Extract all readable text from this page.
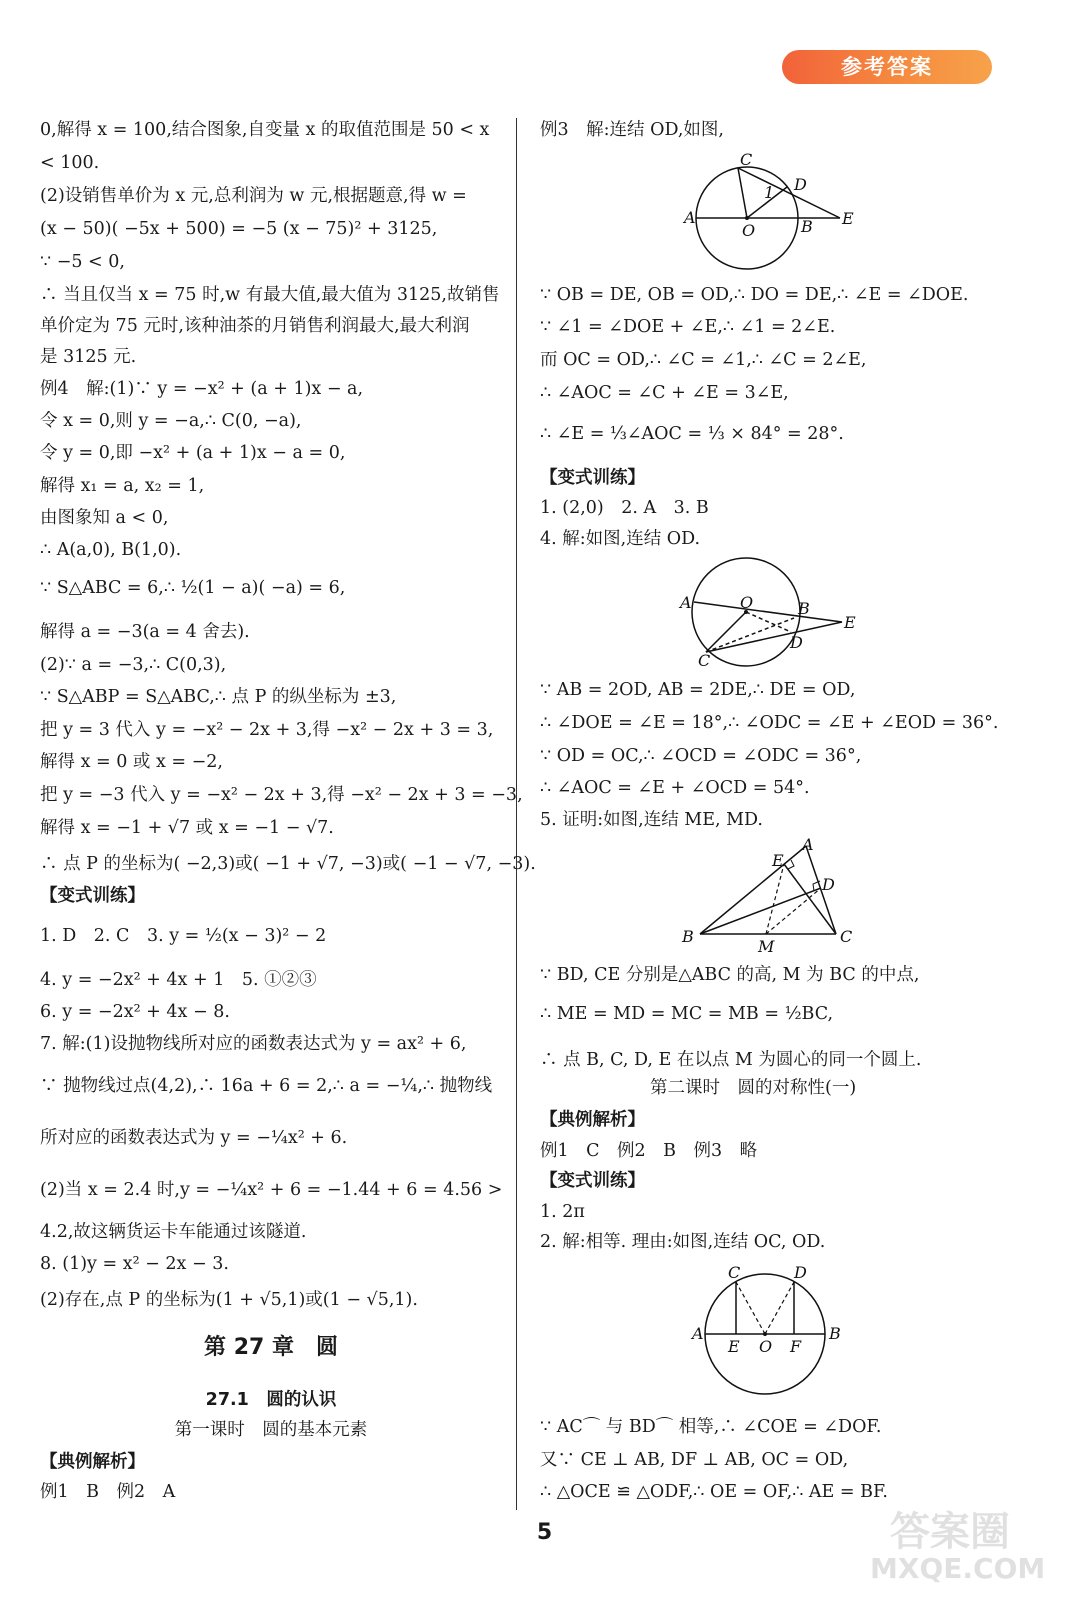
参考答案
0,解得 x = 100,结合图象,自变量 x 的取值范围是 50 < x
< 100.
(2)设销售单价为 x 元,总利润为 w 元,根据题意,得 w =
(x − 50)( −5x + 500) = −5 (x − 75)² + 3125,
∵ −5 < 0,
∴ 当且仅当 x = 75 时,w 有最大值,最大值为 3125,故销售
单价定为 75 元时,该种油茶的月销售利润最大,最大利润
是 3125 元.
例4　解:(1)∵ y = −x² + (a + 1)x − a,
令 x = 0,则 y = −a,∴ C(0, −a),
令 y = 0,即 −x² + (a + 1)x − a = 0,
解得 x₁ = a, x₂ = 1,
由图象知 a < 0,
∴ A(a,0), B(1,0).
∵ S△ABC = 6,∴ ½(1 − a)( −a) = 6,
解得 a = −3(a = 4 舍去).
(2)∵ a = −3,∴ C(0,3),
∵ S△ABP = S△ABC,∴ 点 P 的纵坐标为 ±3,
把 y = 3 代入 y = −x² − 2x + 3,得 −x² − 2x + 3 = 3,
解得 x = 0 或 x = −2,
把 y = −3 代入 y = −x² − 2x + 3,得 −x² − 2x + 3 = −3,
解得 x = −1 + √7 或 x = −1 − √7.
∴ 点 P 的坐标为( −2,3)或( −1 + √7, −3)或( −1 − √7, −3).
【变式训练】
1. D　2. C　3. y = ½(x − 3)² − 2
4. y = −2x² + 4x + 1　5. ①②③
6. y = −2x² + 4x − 8.
7. 解:(1)设抛物线所对应的函数表达式为 y = ax² + 6,
∵ 抛物线过点(4,2),∴ 16a + 6 = 2,∴ a = −¼,∴ 抛物线
所对应的函数表达式为 y = −¼x² + 6.
(2)当 x = 2.4 时,y = −¼x² + 6 = −1.44 + 6 = 4.56 >
4.2,故这辆货运卡车能通过该隧道.
8. (1)y = x² − 2x − 3.
(2)存在,点 P 的坐标为(1 + √5,1)或(1 − √5,1).
第 27 章　圆
27.1　圆的认识
第一课时　圆的基本元素
【典例解析】
例1　B　例2　A
例3　解:连结 OD,如图,
∵ OB = DE, OB = OD,∴ DO = DE,∴ ∠E = ∠DOE.
∵ ∠1 = ∠DOE + ∠E,∴ ∠1 = 2∠E.
而 OC = OD,∴ ∠C = ∠1,∴ ∠C = 2∠E,
∴ ∠AOC = ∠C + ∠E = 3∠E,
∴ ∠E = ⅓∠AOC = ⅓ × 84° = 28°.
【变式训练】
1. (2,0)　2. A　3. B
4. 解:如图,连结 OD.
∵ AB = 2OD, AB = 2DE,∴ DE = OD,
∴ ∠DOE = ∠E = 18°,∴ ∠ODC = ∠E + ∠EOD = 36°.
∵ OD = OC,∴ ∠OCD = ∠ODC = 36°,
∴ ∠AOC = ∠E + ∠OCD = 54°.
5. 证明:如图,连结 ME, MD.
∵ BD, CE 分别是△ABC 的高, M 为 BC 的中点,
∴ ME = MD = MC = MB = ½BC,
∴ 点 B, C, D, E 在以点 M 为圆心的同一个圆上.
第二课时　圆的对称性(一)
【典例解析】
例1　C　例2　B　例3　略
【变式训练】
1. 2π
2. 解:相等. 理由:如图,连结 OC, OD.
∵ AC⌒ 与 BD⌒ 相等,∴ ∠COE = ∠DOF.
又∵ CE ⊥ AB, DF ⊥ AB, OC = OD,
∴ △OCE ≌ △ODF,∴ OE = OF,∴ AE = BF.
A
O	B
C
D
E
1
A	O	B
C
D
E
A
B	C
D
E
M
A	B
C	D
E O F
5	答案圈
MXQE.COM
